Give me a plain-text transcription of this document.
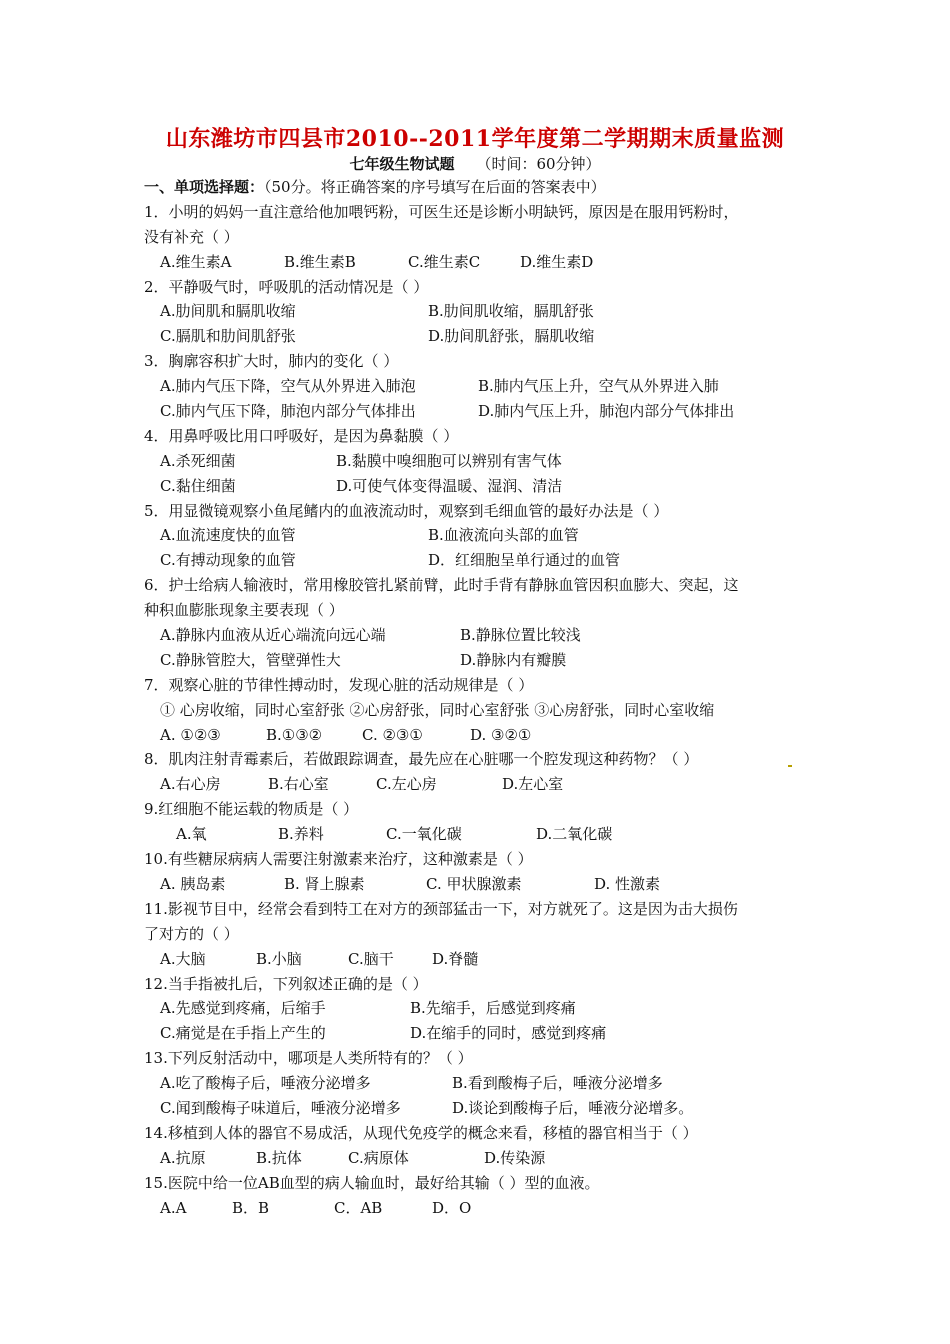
山东潍坊市四县市2010--2011学年度第二学期期末质量监测
七年级生物试题 （时间：60分钟）
一、单项选择题：（50分。将正确答案的序号填写在后面的答案表中）
1．小明的妈妈一直注意给他加喂钙粉，可医生还是诊断小明缺钙，原因是在服用钙粉时，
没有补充（ ）
A.维生素A	B.维生素B	C.维生素C	D.维生素D
2．平静吸气时，呼吸肌的活动情况是（ ）
A.肋间肌和膈肌收缩	B.肋间肌收缩，膈肌舒张
C.膈肌和肋间肌舒张	D.肋间肌舒张，膈肌收缩
3．胸廓容积扩大时，肺内的变化（ ）
A.肺内气压下降，空气从外界进入肺泡	B.肺内气压上升，空气从外界进入肺
C.肺内气压下降，肺泡内部分气体排出	D.肺内气压上升，肺泡内部分气体排出
4．用鼻呼吸比用口呼吸好，是因为鼻黏膜（ ）
A.杀死细菌	B.黏膜中嗅细胞可以辨别有害气体
C.黏住细菌	D.可使气体变得温暖、湿润、清洁
5．用显微镜观察小鱼尾鳍内的血液流动时，观察到毛细血管的最好办法是（ ）
A.血流速度快的血管	B.血液流向头部的血管
C.有搏动现象的血管	D．红细胞呈单行通过的血管
6．护士给病人输液时，常用橡胶管扎紧前臂，此时手背有静脉血管因积血膨大、突起，这
种积血膨胀现象主要表现（ ）
A.静脉内血液从近心端流向远心端	B.静脉位置比较浅
C.静脉管腔大，管壁弹性大	D.静脉内有瓣膜
7．观察心脏的节律性搏动时，发现心脏的活动规律是（ ）
① 心房收缩，同时心室舒张 ②心房舒张，同时心室舒张 ③心房舒张，同时心室收缩
A. ①②③	B.①③②	C. ②③①	D. ③②①
8．肌肉注射青霉素后，若做跟踪调查，最先应在心脏哪一个腔发现这种药物？（ ）
A.右心房	B.右心室	C.左心房	D.左心室
9.红细胞不能运载的物质是（ ）
A.氧	B.养料	C.一氧化碳	D.二氧化碳
10.有些糖尿病病人需要注射激素来治疗，这种激素是（ ）
A. 胰岛素	B. 肾上腺素	C. 甲状腺激素	D. 性激素
11.影视节目中，经常会看到特工在对方的颈部猛击一下，对方就死了。这是因为击大损伤
了对方的（ ）
A.大脑	B.小脑	C.脑干	D.脊髓
12.当手指被扎后，下列叙述正确的是（ ）
A.先感觉到疼痛，后缩手	B.先缩手，后感觉到疼痛
C.痛觉是在手指上产生的	D.在缩手的同时，感觉到疼痛
13.下列反射活动中，哪项是人类所特有的？（ ）
A.吃了酸梅子后，唾液分泌增多	B.看到酸梅子后，唾液分泌增多
C.闻到酸梅子味道后，唾液分泌增多	D.谈论到酸梅子后，唾液分泌增多。
14.移植到人体的器官不易成活，从现代免疫学的概念来看，移植的器官相当于（ ）
A.抗原	B.抗体	C.病原体	D.传染源
15.医院中给一位AB血型的病人输血时，最好给其输（ ）型的血液。
A.A	B．B	C．AB	D．O
